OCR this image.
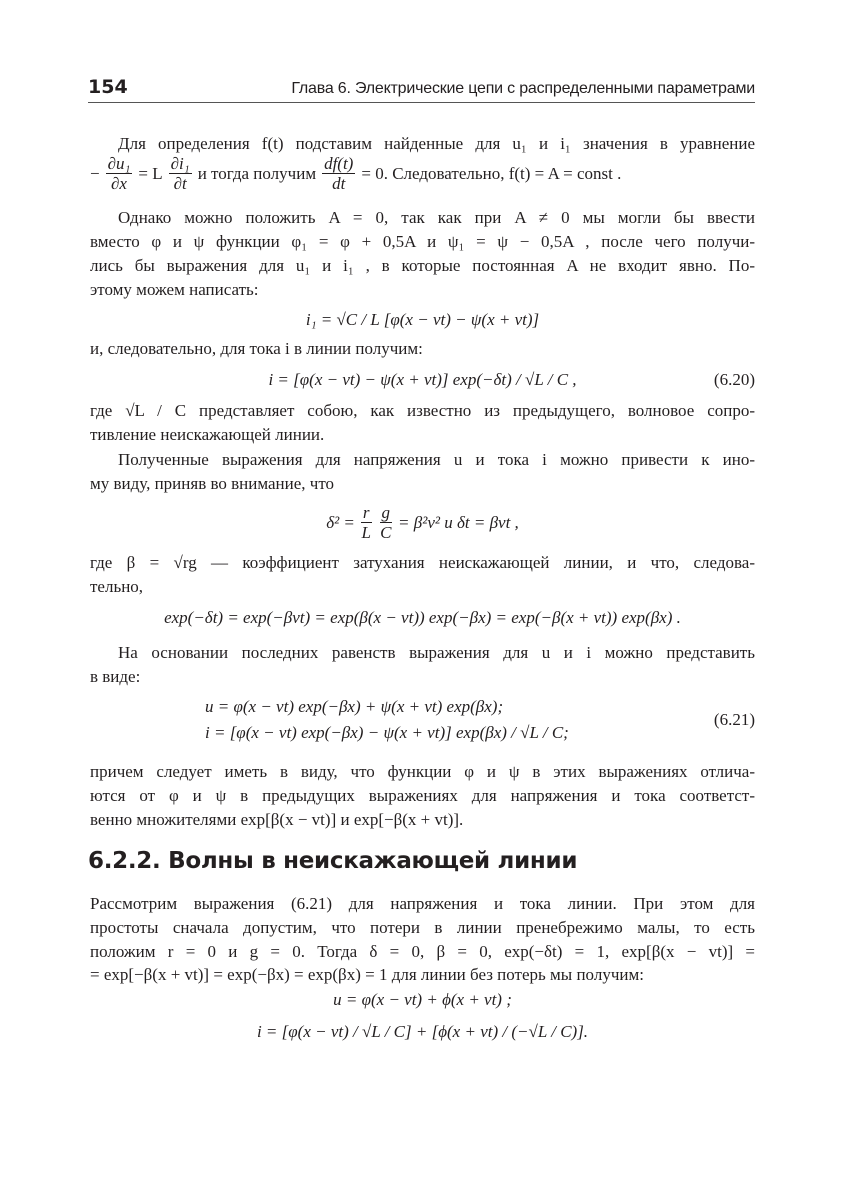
154	Глава 6. Электрические цепи с распределенными параметрами
Для определения f(t) подставим найденные для u₁ и i₁ значения в уравнение
− $\frac{\text{∂u₁}}{\partial x} = L \frac{\text{∂i₁}}{\partial t}$ и тогда получим $\frac{df(t)}{dt} = 0$. Следовательно, f(t) = A = const .
Однако можно положить A = 0, так как при A ≠ 0 мы могли бы ввести
вместо φ и ψ функции φ₁ = φ + 0,5A и ψ₁ = ψ − 0,5A , после чего получи-
лись бы выражения для u₁ и i₁ , в которые постоянная A не входит явно. По-
этому можем написать:
i₁ = √C / L [φ(x − vt) − ψ(x + vt)]
и, следовательно, для тока i в линии получим:
i = [φ(x − vt) − ψ(x + vt)] exp(−δt) / √L / C ,	(6.20)
где √L / C представляет собою, как известно из предыдущего, волновое сопро-
тивление неискажающей линии.
Полученные выражения для напряжения u и тока i можно привести к ино-
му виду, приняв во внимание, что
$\delta^2 = \frac{r}{L} \frac{g}{C} = \beta^2v^2$ и δt = βvt ,
где β = √rg — коэффициент затухания неискажающей линии, и что, следова-
тельно,
exp(−δt) = exp(−βvt) = exp(β(x − vt)) exp(−βx) = exp(−β(x + vt)) exp(βx) .
На основании последних равенств выражения для u и i можно представить
в виде:
u = φ(x − vt) exp(−βx) + ψ(x + vt) exp(βx);
i = [φ(x − vt) exp(−βx) − ψ(x + vt)] exp(βx) / √L / C;
(6.21)
причем следует иметь в виду, что функции φ и ψ в этих выражениях отлича-
ются от φ и ψ в предыдущих выражениях для напряжения и тока соответст-
венно множителями exp[β(x − vt)] и exp[−β(x + vt)].
6.2.2. Волны в неискажающей линии
Рассмотрим выражения (6.21) для напряжения и тока линии. При этом для
простоты сначала допустим, что потери в линии пренебрежимо малы, то есть
положим r = 0 и g = 0. Тогда δ = 0, β = 0, exp(−δt) = 1, exp[β(x − vt)] =
= exp[−β(x + vt)] = exp(−βx) = exp(βx) = 1 для линии без потерь мы получим:
u = φ(x − vt) + ϕ(x + vt) ;
i = [φ(x − vt) / √L / C] + [ϕ(x + vt) / (−√L / C)].
